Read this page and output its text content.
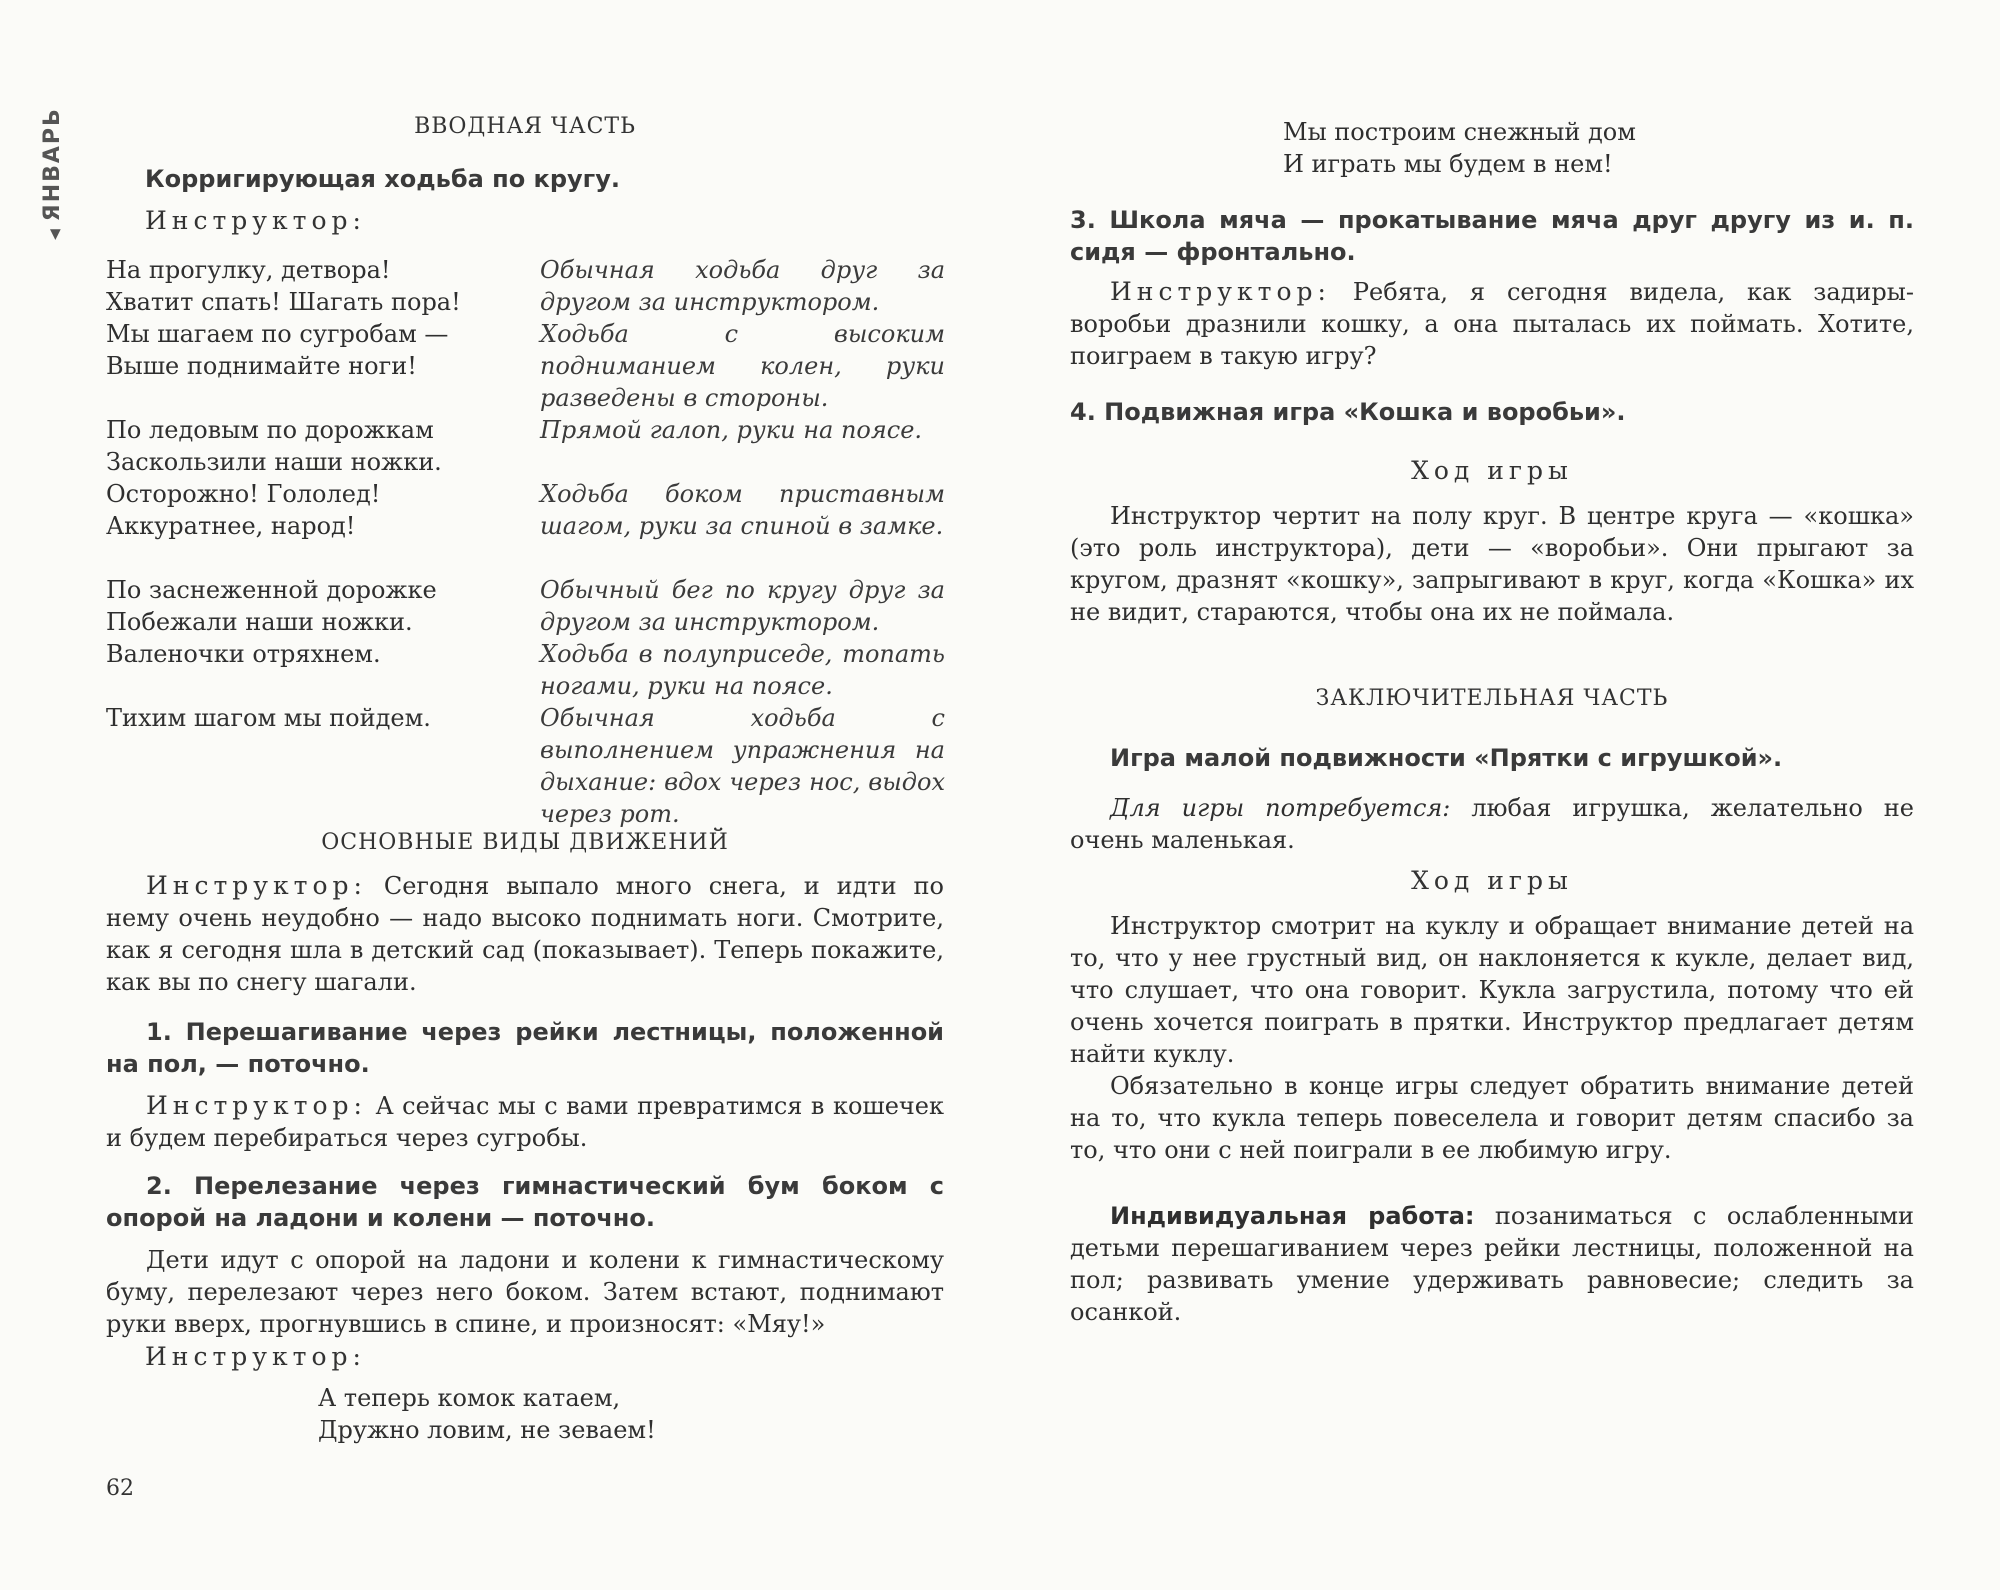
◀ЯНВАРЬ	ВВОДНАЯ ЧАСТЬ
Корригирующая ходьба по кругу.
Инструктор:
На прогулку, детвора!
Хватит спать! Шагать пора!
Мы шагаем по сугробам —
Выше поднимайте ноги!
По ледовым по дорожкам
Заскользили наши ножки.
Осторожно! Гололед!
Аккуратнее, народ!
По заснеженной дорожке
Побежали наши ножки.
Валеночки отряхнем.
Тихим шагом мы пойдем.
Обычная ходьба друг за другом за инструктором.
Ходьба с высоким подниманием колен, руки разведены в стороны.
Прямой галоп, руки на поясе.
Ходьба боком приставным шагом, руки за спиной в замке.
Обычный бег по кругу друг за другом за инструктором.
Ходьба в полуприседе, топать ногами, руки на поясе.
Обычная ходьба с выполнением упражнения на дыхание: вдох через нос, выдох через рот.
ОСНОВНЫЕ ВИДЫ ДВИЖЕНИЙ
Инструктор: Сегодня выпало много снега, и идти по нему очень неудобно — надо высоко поднимать ноги. Смотрите, как я сегодня шла в детский сад (показывает). Теперь покажите, как вы по снегу шагали.
1. Перешагивание через рейки лестницы, положенной на пол, — поточно.
Инструктор: А сейчас мы с вами превратимся в кошечек и будем перебираться через сугробы.
2. Перелезание через гимнастический бум боком с опорой на ладони и колени — поточно.
Дети идут с опорой на ладони и колени к гимнастическому буму, перелезают через него боком. Затем встают, поднимают руки вверх, прогнувшись в спине, и произносят: «Мяу!»
Инструктор:
А теперь комок катаем,
Дружно ловим, не зеваем!
62
Мы построим снежный дом
И играть мы будем в нем!
3. Школа мяча — прокатывание мяча друг другу из и. п. сидя — фронтально.
Инструктор: Ребята, я сегодня видела, как задиры-воробьи дразнили кошку, а она пыталась их поймать. Хотите, поиграем в такую игру?
4. Подвижная игра «Кошка и воробьи».
Ход игры
Инструктор чертит на полу круг. В центре круга — «кошка» (это роль инструктора), дети — «воробьи». Они прыгают за кругом, дразнят «кошку», запрыгивают в круг, когда «Кошка» их не видит, стараются, чтобы она их не поймала.
ЗАКЛЮЧИТЕЛЬНАЯ ЧАСТЬ
Игра малой подвижности «Прятки с игрушкой».
Для игры потребуется: любая игрушка, желательно не очень маленькая.
Ход игры
Инструктор смотрит на куклу и обращает внимание детей на то, что у нее грустный вид, он наклоняется к кукле, делает вид, что слушает, что она говорит. Кукла загрустила, потому что ей очень хочется поиграть в прятки. Инструктор предлагает детям найти куклу.
Обязательно в конце игры следует обратить внимание детей на то, что кукла теперь повеселела и говорит детям спасибо за то, что они с ней поиграли в ее любимую игру.
Индивидуальная работа: позаниматься с ослабленными детьми перешагиванием через рейки лестницы, положенной на пол; развивать умение удерживать равновесие; следить за осанкой.
